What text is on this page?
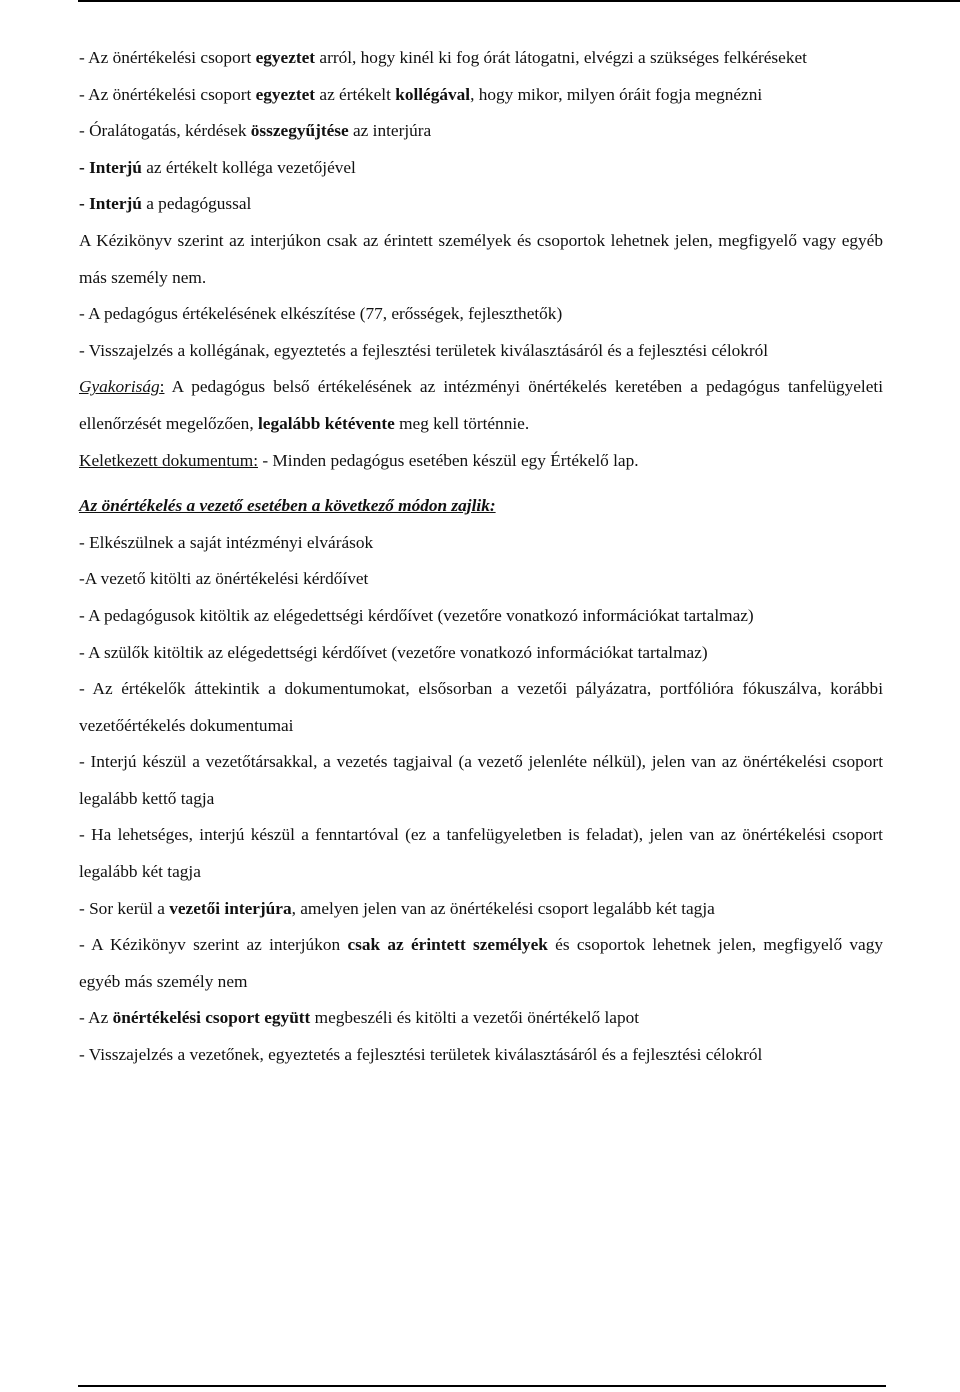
- Az önértékelési csoport egyeztet arról, hogy kinél ki fog órát látogatni, elvégzi a szükséges felkéréseket

- Az önértékelési csoport egyeztet az értékelt kollégával, hogy mikor, milyen óráit fogja megnézni

- Óralátogatás, kérdések összegyűjtése az interjúra

- Interjú az értékelt kolléga vezetőjével

- Interjú a pedagógussal

A Kézikönyv szerint az interjúkon csak az érintett személyek és csoportok lehetnek jelen, megfigyelő vagy egyéb más személy nem.

- A pedagógus értékelésének elkészítése (77, erősségek, fejleszthetők)

- Visszajelzés a kollégának, egyeztetés a fejlesztési területek kiválasztásáról és a fejlesztési célokról

Gyakoriság: A pedagógus belső értékelésének az intézményi önértékelés keretében a pedagógus tanfelügyeleti ellenőrzését megelőzően, legalább kétévente meg kell történnie.

Keletkezett dokumentum: - Minden pedagógus esetében készül egy Értékelő lap.

Az önértékelés a vezető esetében a következő módon zajlik:

- Elkészülnek a saját intézményi elvárások

-A vezető kitölti az önértékelési kérdőívet

- A pedagógusok kitöltik az elégedettségi kérdőívet (vezetőre vonatkozó információkat tartalmaz)

- A szülők kitöltik az elégedettségi kérdőívet (vezetőre vonatkozó információkat tartalmaz)

- Az értékelők áttekintik a dokumentumokat, elsősorban a vezetői pályázatra, portfólióra fókuszálva, korábbi vezetőértékelés dokumentumai

- Interjú készül a vezetőtársakkal, a vezetés tagjaival (a vezető jelenléte nélkül), jelen van az önértékelési csoport legalább kettő tagja

- Ha lehetséges, interjú készül a fenntartóval (ez a tanfelügyeletben is feladat), jelen van az önértékelési csoport legalább két tagja

- Sor kerül a vezetői interjúra, amelyen jelen van az önértékelési csoport legalább két tagja

- A Kézikönyv szerint az interjúkon csak az érintett személyek és csoportok lehetnek jelen, megfigyelő vagy egyéb más személy nem

- Az önértékelési csoport együtt megbeszéli és kitölti a vezetői önértékelő lapot

- Visszajelzés a vezetőnek, egyeztetés a fejlesztési területek kiválasztásáról és a fejlesztési célokról
